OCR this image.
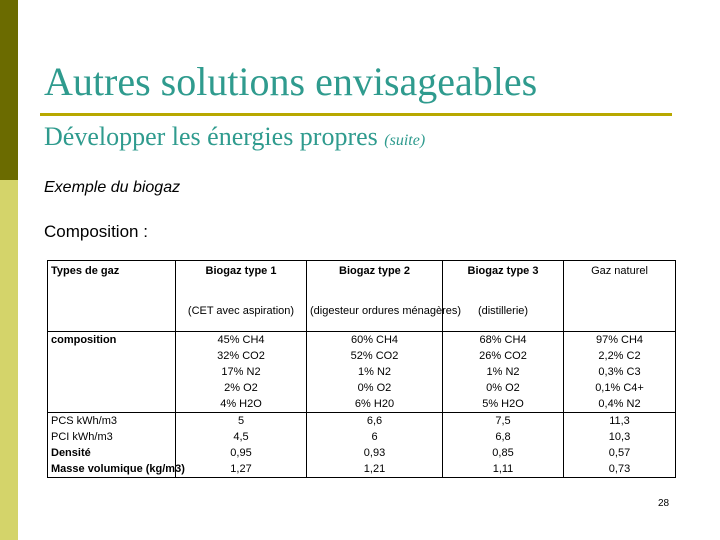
Autres solutions envisageables
Développer les énergies propres (suite)
Exemple du biogaz
Composition :
Types de gaz	Biogaz type 1	Biogaz type 2	Biogaz type 3	Gaz naturel
	(CET avec aspiration)	(digesteur ordures ménagères)	(distillerie)	
composition	45% CH4	60% CH4	68% CH4	97% CH4
	32% CO2	52% CO2	26% CO2	2,2% C2
	17% N2	1% N2	1% N2	0,3% C3
	2% O2	0% O2	0% O2	0,1% C4+
	4% H2O	6% H20	5% H2O	0,4% N2
PCS kWh/m3	5	6,6	7,5	11,3
PCI kWh/m3	4,5	6	6,8	10,3
Densité	0,95	0,93	0,85	0,57
Masse volumique (kg/m3)	1,27	1,21	1,11	0,73
28
